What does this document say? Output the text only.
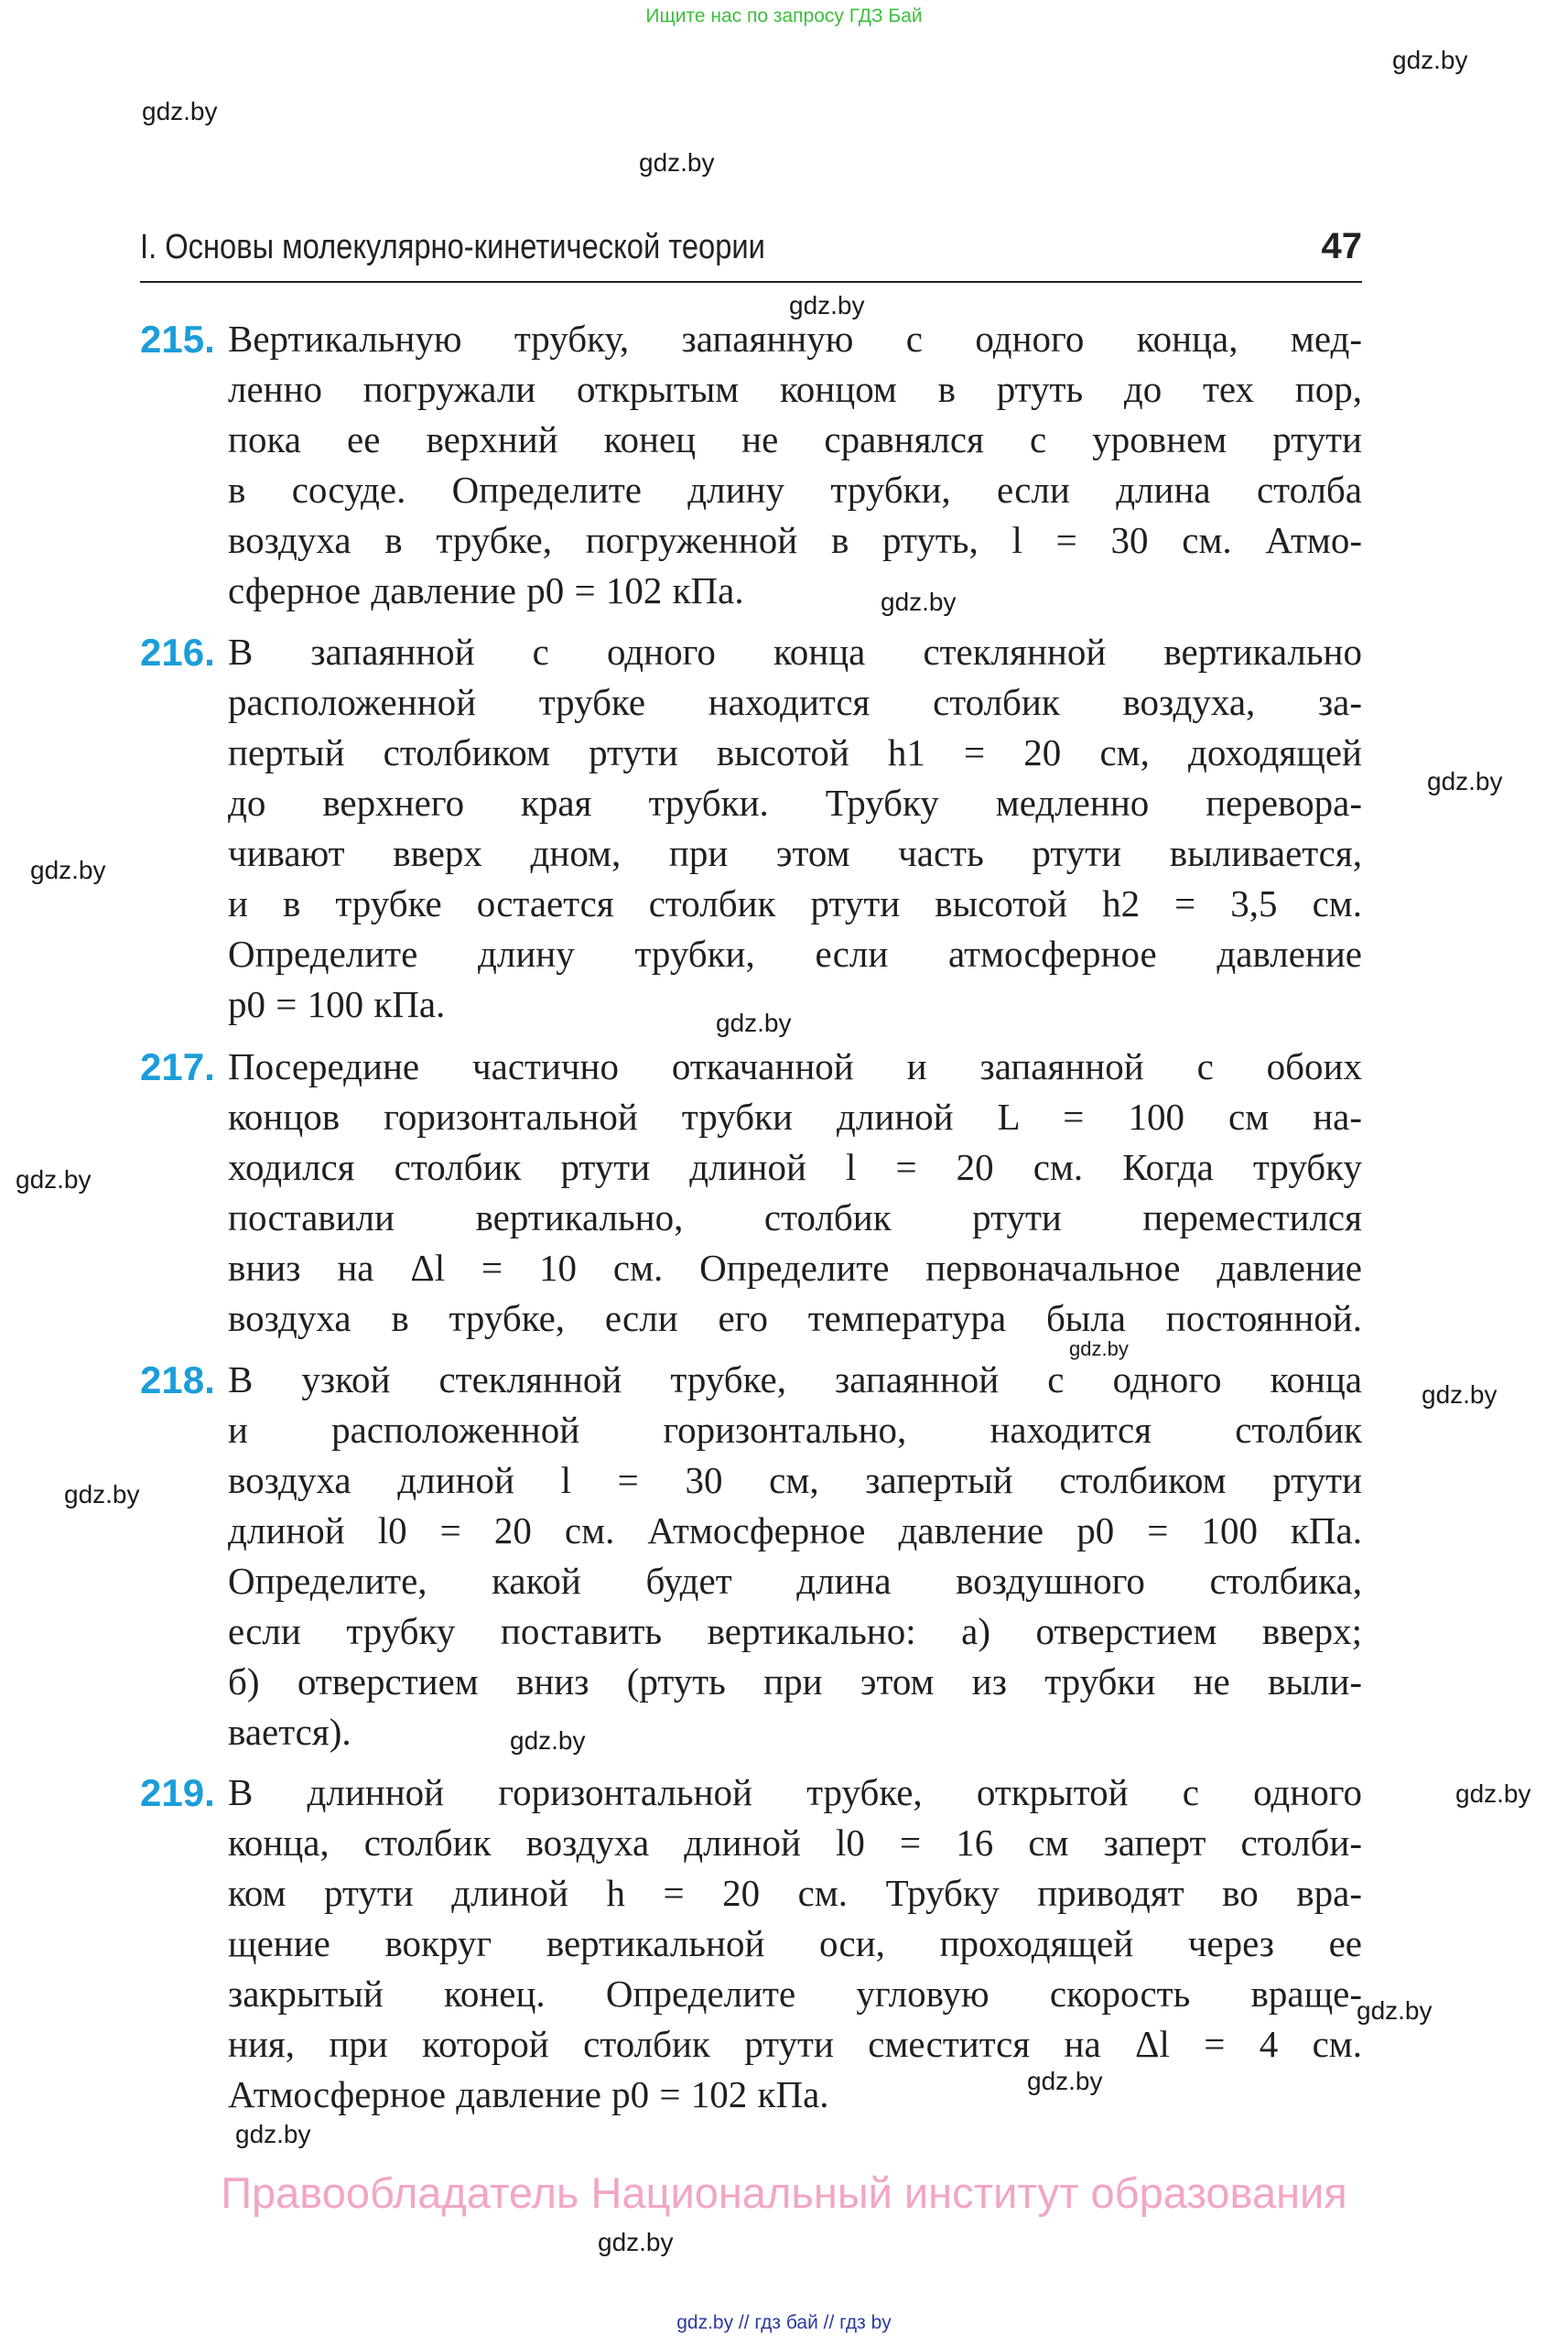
Ищите нас по запросу ГДЗ Бай
gdz.by
gdz.by
gdz.by
gdz.by
gdz.by
gdz.by
gdz.by
gdz.by
gdz.by
gdz.by
gdz.by
gdz.by
gdz.by
gdz.by
gdz.by
gdz.by
gdz.by
gdz.by
I. Основы молекулярно-кинетической теории	47
215. Вертикальную трубку, запаянную с одного конца, мед-
ленно погружали открытым концом в ртуть до тех пор,
пока ее верхний конец не сравнялся с уровнем ртути
в сосуде. Определите длину трубки, если длина столба
воздуха в трубке, погруженной в ртуть, l = 30 см. Атмо-
сферное давление p0 = 102 кПа.
216. В запаянной с одного конца стеклянной вертикально
расположенной трубке находится столбик воздуха, за-
пертый столбиком ртути высотой h1 = 20 см, доходящей
до верхнего края трубки. Трубку медленно перевора-
чивают вверх дном, при этом часть ртути выливается,
и в трубке остается столбик ртути высотой h2 = 3,5 см.
Определите длину трубки, если атмосферное давление
p0 = 100 кПа.
217. Посередине частично откачанной и запаянной с обоих
концов горизонтальной трубки длиной L = 100 см на-
ходился столбик ртути длиной l = 20 см. Когда трубку
поставили вертикально, столбик ртути переместился
вниз на Δl = 10 см. Определите первоначальное давление
воздуха в трубке, если его температура была постоянной.
218. В узкой стеклянной трубке, запаянной с одного конца
и расположенной горизонтально, находится столбик
воздуха длиной l = 30 см, запертый столбиком ртути
длиной l0 = 20 см. Атмосферное давление p0 = 100 кПа.
Определите, какой будет длина воздушного столбика,
если трубку поставить вертикально: а) отверстием вверх;
б) отверстием вниз (ртуть при этом из трубки не выли-
вается).
219. В длинной горизонтальной трубке, открытой с одного
конца, столбик воздуха длиной l0 = 16 см заперт столби-
ком ртути длиной h = 20 см. Трубку приводят во вра-
щение вокруг вертикальной оси, проходящей через ее
закрытый конец. Определите угловую скорость враще-
ния, при которой столбик ртути сместится на Δl = 4 см.
Атмосферное давление p0 = 102 кПа.
Правообладатель Национальный институт образования
gdz.by // гдз бай // гдз by
